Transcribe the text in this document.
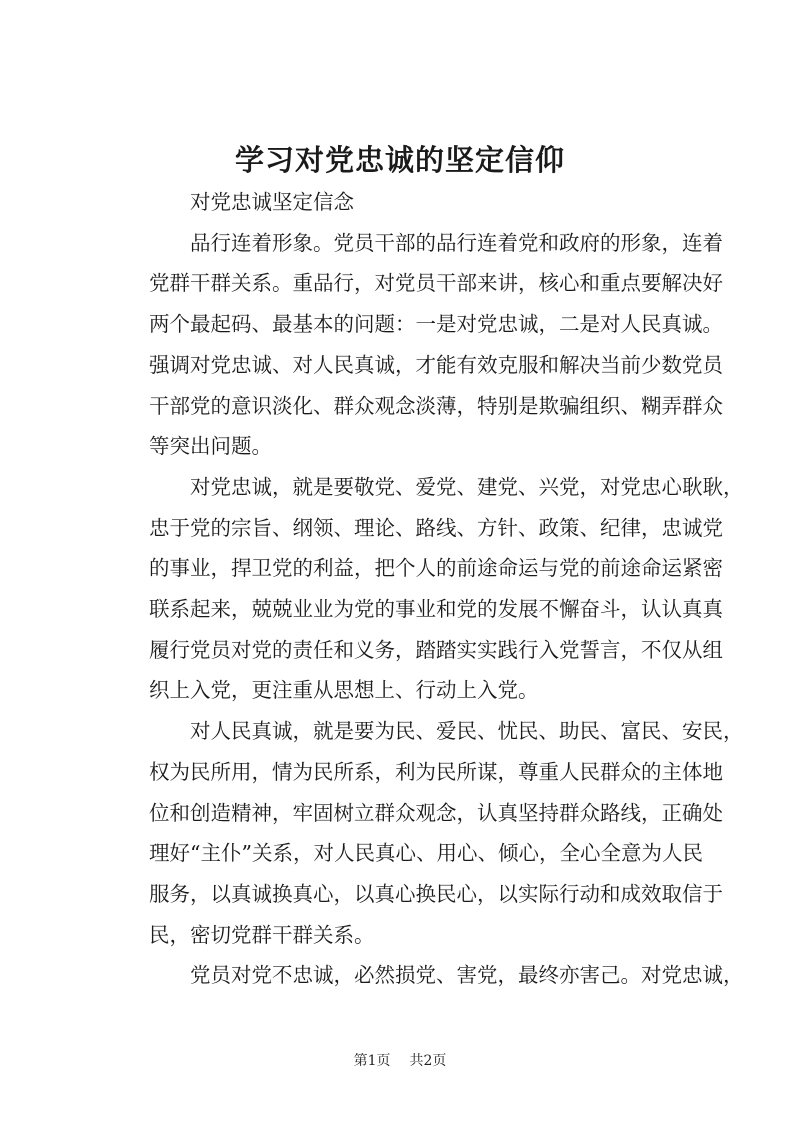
学习对党忠诚的坚定信仰
对党忠诚坚定信念
品行连着形象。党员干部的品行连着党和政府的形象，连着
党群干群关系。重品行，对党员干部来讲，核心和重点要解决好
两个最起码、最基本的问题：一是对党忠诚，二是对人民真诚。
强调对党忠诚、对人民真诚，才能有效克服和解决当前少数党员
干部党的意识淡化、群众观念淡薄，特别是欺骗组织、糊弄群众
等突出问题。
对党忠诚，就是要敬党、爱党、建党、兴党，对党忠心耿耿，
忠于党的宗旨、纲领、理论、路线、方针、政策、纪律，忠诚党
的事业，捍卫党的利益，把个人的前途命运与党的前途命运紧密
联系起来，兢兢业业为党的事业和党的发展不懈奋斗，认认真真
履行党员对党的责任和义务，踏踏实实践行入党誓言，不仅从组
织上入党，更注重从思想上、行动上入党。
对人民真诚，就是要为民、爱民、忧民、助民、富民、安民，
权为民所用，情为民所系，利为民所谋，尊重人民群众的主体地
位和创造精神，牢固树立群众观念，认真坚持群众路线，正确处
理好“主仆”关系，对人民真心、用心、倾心，全心全意为人民
服务，以真诚换真心，以真心换民心，以实际行动和成效取信于
民，密切党群干群关系。
党员对党不忠诚，必然损党、害党，最终亦害己。对党忠诚，
第1页 共2页
